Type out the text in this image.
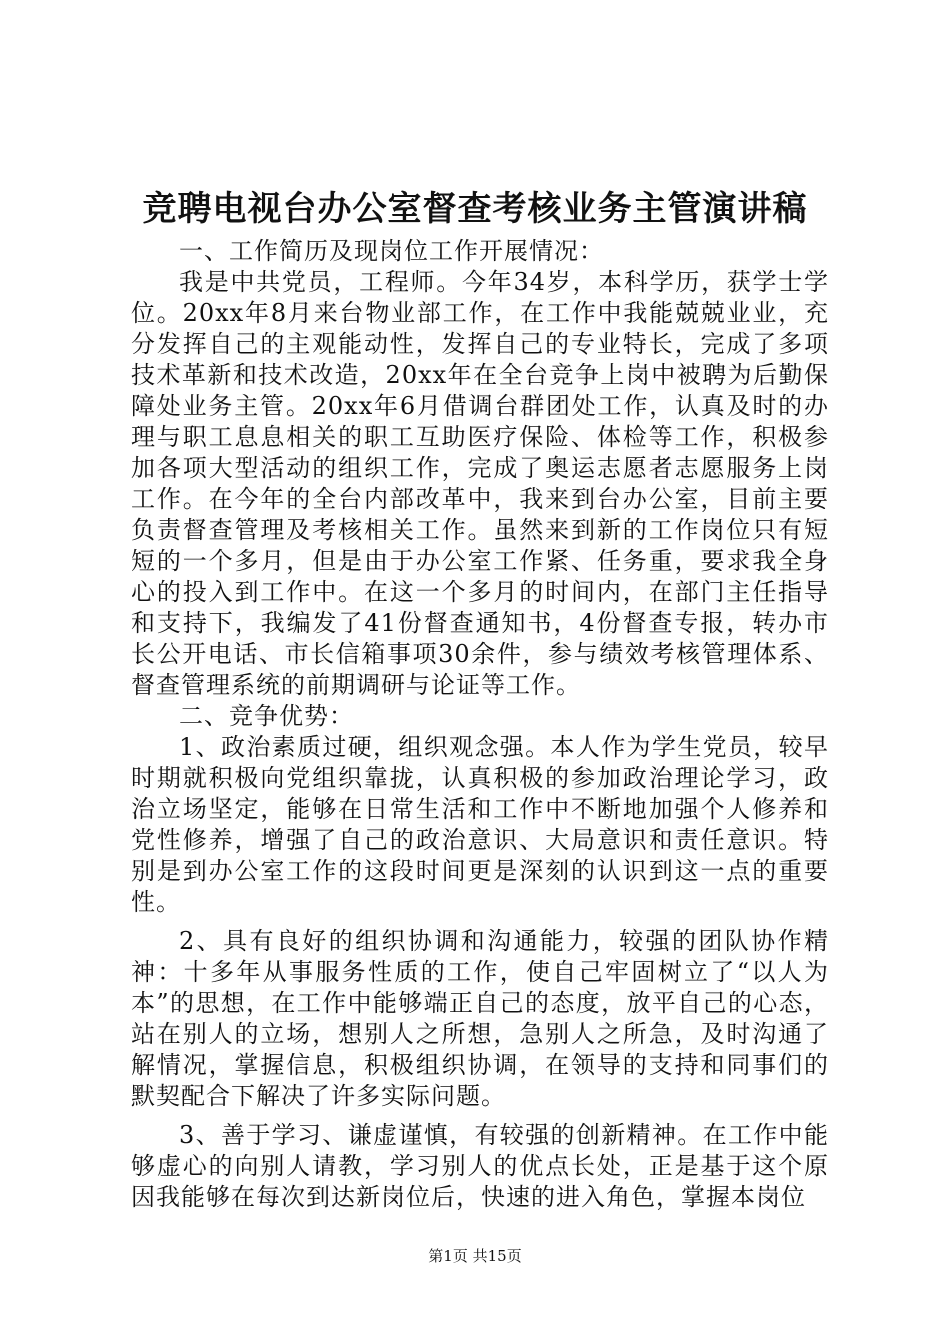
竞聘电视台办公室督查考核业务主管演讲稿

一、工作简历及现岗位工作开展情况：

我是中共党员，工程师。今年34岁，本科学历，获学士学位。20xx年8月来台物业部工作，在工作中我能兢兢业业，充分发挥自己的主观能动性，发挥自己的专业特长，完成了多项技术革新和技术改造，20xx年在全台竞争上岗中被聘为后勤保障处业务主管。20xx年6月借调台群团处工作，认真及时的办理与职工息息相关的职工互助医疗保险、体检等工作，积极参加各项大型活动的组织工作，完成了奥运志愿者志愿服务上岗工作。在今年的全台内部改革中，我来到台办公室，目前主要负责督查管理及考核相关工作。虽然来到新的工作岗位只有短短的一个多月，但是由于办公室工作紧、任务重，要求我全身心的投入到工作中。在这一个多月的时间内，在部门主任指导和支持下，我编发了41份督查通知书，4份督查专报，转办市长公开电话、市长信箱事项30余件，参与绩效考核管理体系、督查管理系统的前期调研与论证等工作。

二、竞争优势：

1、政治素质过硬，组织观念强。本人作为学生党员，较早时期就积极向党组织靠拢，认真积极的参加政治理论学习，政治立场坚定，能够在日常生活和工作中不断地加强个人修养和党性修养，增强了自己的政治意识、大局意识和责任意识。特别是到办公室工作的这段时间更是深刻的认识到这一点的重要性。

2、具有良好的组织协调和沟通能力，较强的团队协作精神：十多年从事服务性质的工作，使自己牢固树立了“以人为本”的思想，在工作中能够端正自己的态度，放平自己的心态，站在别人的立场，想别人之所想，急别人之所急，及时沟通了解情况，掌握信息，积极组织协调，在领导的支持和同事们的默契配合下解决了许多实际问题。

3、善于学习、谦虚谨慎，有较强的创新精神。在工作中能够虚心的向别人请教，学习别人的优点长处，正是基于这个原因我能够在每次到达新岗位后，快速的进入角色，掌握本岗位

第1页 共15页
